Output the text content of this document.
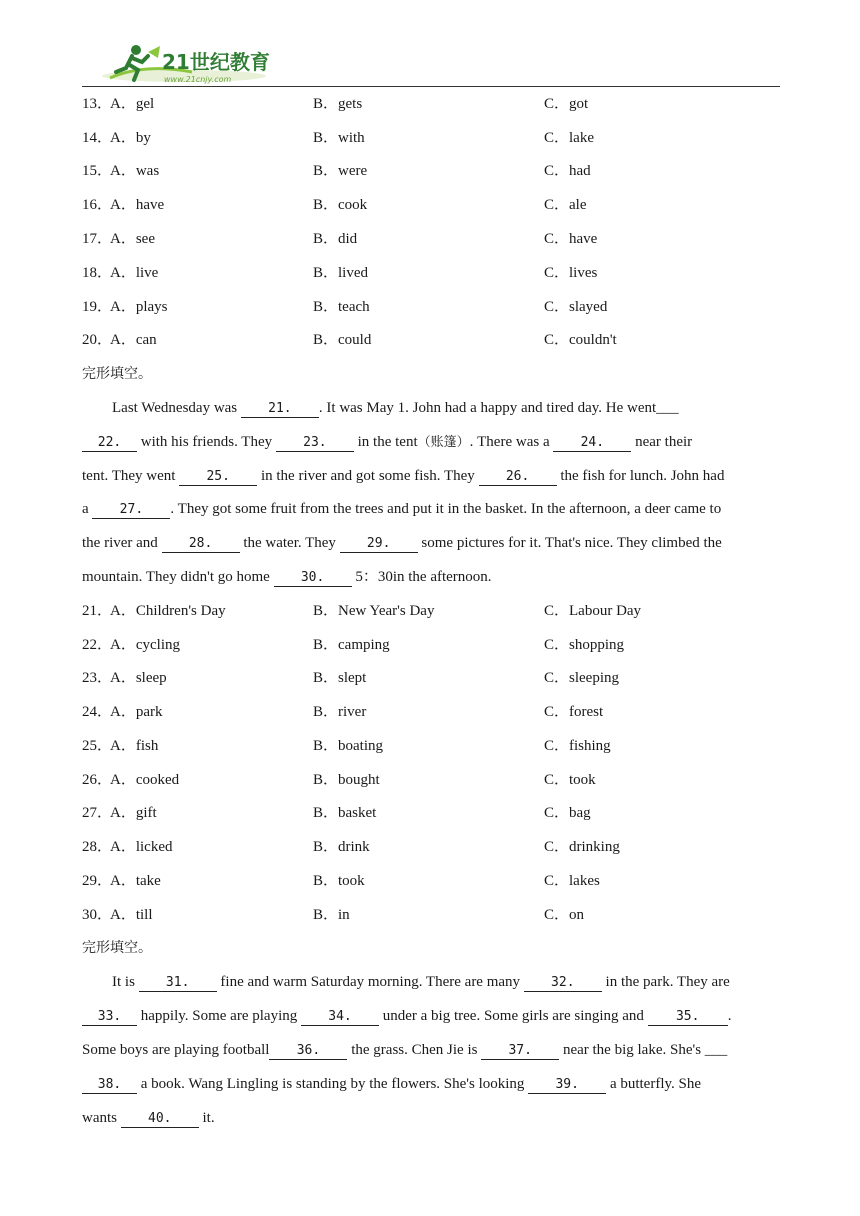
21世纪教育
www.21cnjy.com
13．
A．gel	B．gets	C．got
14．
A．by	B．with	C．lake
15．
A．was	B．were	C．had
16．
A．have	B．cook	C．ale
17．
A．see	B．did	C．have
18．
A．live	B．lived	C．lives
19．
A．plays	B．teach	C．slayed
20．
A．can	B．could	C．couldn't
完形填空。
Last Wednesday was 21. . It was May 1. John had a happy and tired day. He went___
22. with his friends. They 23. in the tent（账篷）. There was a 24. near their
tent. They went 25. in the river and got some fish. They 26. the fish for lunch. John had
a 27. . They got some fruit from the trees and put it in the basket. In the afternoon, a deer came to
the river and 28. the water. They 29. some pictures for it. That's nice. They climbed the
mountain. They didn't go home 30. 5：30in the afternoon.
21．
A．Children's Day	B．New Year's Day	C．Labour Day
22．
A．cycling	B．camping	C．shopping
23．
A．sleep	B．slept	C．sleeping
24．
A．park	B．river	C．forest
25．
A．fish	B．boating	C．fishing
26．
A．cooked	B．bought	C．took
27．
A．gift	B．basket	C．bag
28．
A．licked	B．drink	C．drinking
29．
A．take	B．took	C．lakes
30．
A．till	B．in	C．on
完形填空。
It is 31. fine and warm Saturday morning. There are many 32. in the park. They are
33. happily. Some are playing 34. under a big tree. Some girls are singing and 35. .
Some boys are playing football 36. the grass. Chen Jie is 37. near the big lake. She's ___
38. a book. Wang Lingling is standing by the flowers. She's looking 39. a butterfly. She
wants 40. it.
